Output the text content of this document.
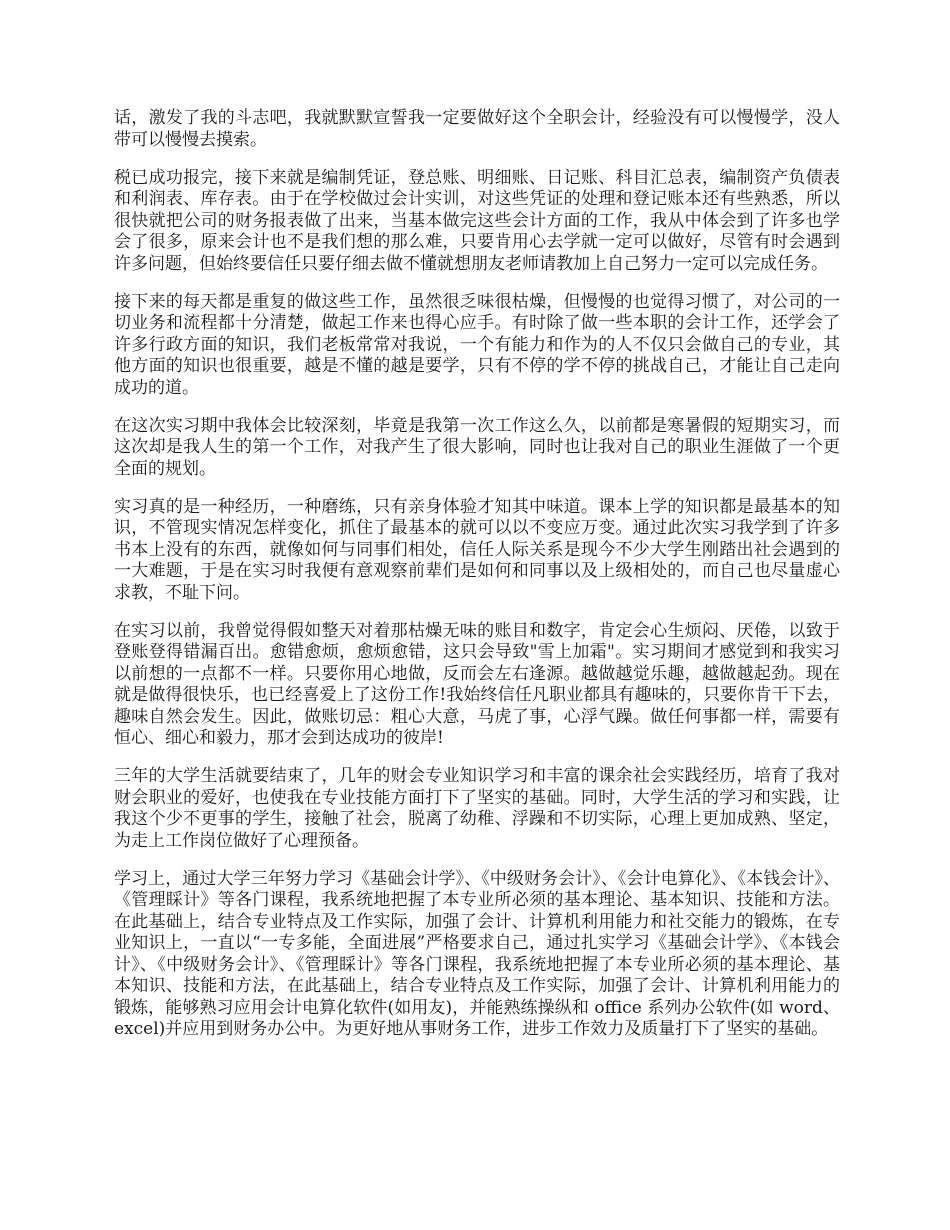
话，激发了我的斗志吧，我就默默宣誓我一定要做好这个全职会计，经验没有可以慢慢学，没人带可以慢慢去摸索。

税已成功报完，接下来就是编制凭证，登总账、明细账、日记账、科目汇总表，编制资产负债表和利润表、库存表。由于在学校做过会计实训，对这些凭证的处理和登记账本还有些熟悉，所以很快就把公司的财务报表做了出来，当基本做完这些会计方面的工作，我从中体会到了许多也学会了很多，原来会计也不是我们想的那么难，只要肯用心去学就一定可以做好，尽管有时会遇到许多问题，但始终要信任只要仔细去做不懂就想朋友老师请教加上自己努力一定可以完成任务。

接下来的每天都是重复的做这些工作，虽然很乏味很枯燥，但慢慢的也觉得习惯了，对公司的一切业务和流程都十分清楚，做起工作来也得心应手。有时除了做一些本职的会计工作，还学会了许多行政方面的知识，我们老板常常对我说，一个有能力和作为的人不仅只会做自己的专业，其他方面的知识也很重要，越是不懂的越是要学，只有不停的学不停的挑战自己，才能让自己走向成功的道。

在这次实习期中我体会比较深刻，毕竟是我第一次工作这么久，以前都是寒暑假的短期实习，而这次却是我人生的第一个工作，对我产生了很大影响，同时也让我对自己的职业生涯做了一个更全面的规划。

实习真的是一种经历，一种磨练，只有亲身体验才知其中味道。课本上学的知识都是最基本的知识，不管现实情况怎样变化，抓住了最基本的就可以以不变应万变。通过此次实习我学到了许多书本上没有的东西，就像如何与同事们相处，信任人际关系是现今不少大学生刚踏出社会遇到的一大难题，于是在实习时我便有意观察前辈们是如何和同事以及上级相处的，而自己也尽量虚心求教，不耻下问。

在实习以前，我曾觉得假如整天对着那枯燥无味的账目和数字，肯定会心生烦闷、厌倦，以致于登账登得错漏百出。愈错愈烦，愈烦愈错，这只会导致"雪上加霜"。实习期间才感觉到和我实习以前想的一点都不一样。只要你用心地做，反而会左右逢源。越做越觉乐趣，越做越起劲。现在就是做得很快乐，也已经喜爱上了这份工作!我始终信任凡职业都具有趣味的，只要你肯干下去，趣味自然会发生。因此，做账切忌：粗心大意，马虎了事，心浮气躁。做任何事都一样，需要有恒心、细心和毅力，那才会到达成功的彼岸!

三年的大学生活就要结束了，几年的财会专业知识学习和丰富的课余社会实践经历，培育了我对财会职业的爱好，也使我在专业技能方面打下了坚实的基础。同时，大学生活的学习和实践，让我这个少不更事的学生，接触了社会，脱离了幼稚、浮躁和不切实际，心理上更加成熟、坚定，为走上工作岗位做好了心理预备。

学习上，通过大学三年努力学习《基础会计学》、《中级财务会计》、《会计电算化》、《本钱会计》、《管理睬计》等各门课程，我系统地把握了本专业所必须的基本理论、基本知识、技能和方法。在此基础上，结合专业特点及工作实际，加强了会计、计算机利用能力和社交能力的锻炼，在专业知识上，一直以“一专多能，全面进展”严格要求自己，通过扎实学习《基础会计学》、《本钱会计》、《中级财务会计》、《管理睬计》等各门课程，我系统地把握了本专业所必须的基本理论、基本知识、技能和方法，在此基础上，结合专业特点及工作实际，加强了会计、计算机利用能力的锻炼，能够熟习应用会计电算化软件(如用友)，并能熟练操纵和 office 系列办公软件(如 word、excel)并应用到财务办公中。为更好地从事财务工作，进步工作效力及质量打下了坚实的基础。
